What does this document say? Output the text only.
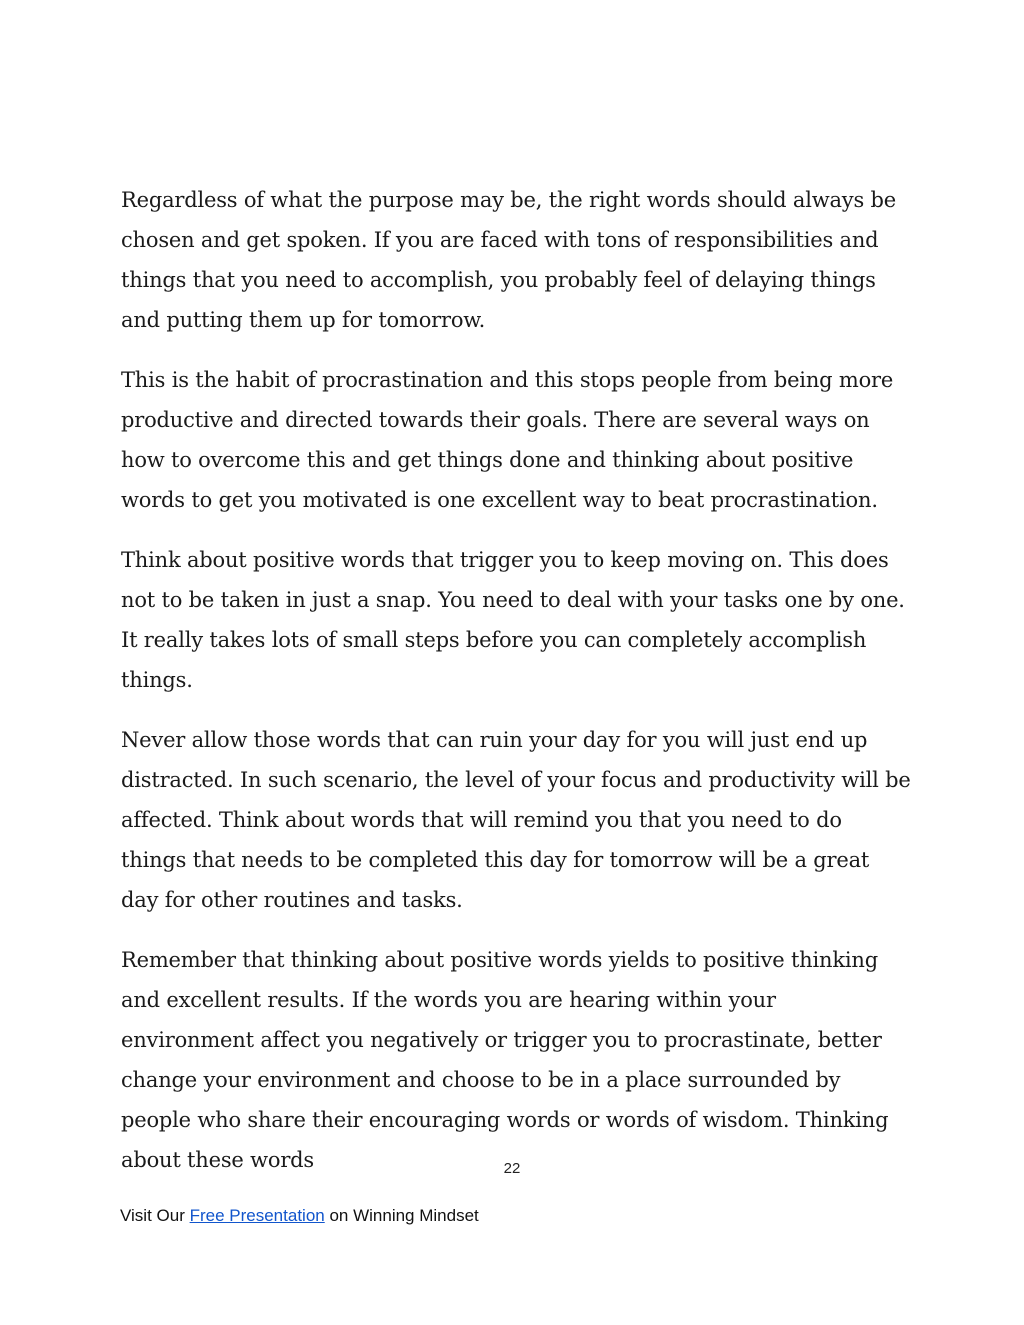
Regardless of what the purpose may be, the right words should always be chosen and get spoken. If you are faced with tons of responsibilities and things that you need to accomplish, you probably feel of delaying things and putting them up for tomorrow.

This is the habit of procrastination and this stops people from being more productive and directed towards their goals. There are several ways on how to overcome this and get things done and thinking about positive words to get you motivated is one excellent way to beat procrastination.

Think about positive words that trigger you to keep moving on. This does not to be taken in just a snap. You need to deal with your tasks one by one. It really takes lots of small steps before you can completely accomplish things.

Never allow those words that can ruin your day for you will just end up distracted. In such scenario, the level of your focus and productivity will be affected. Think about words that will remind you that you need to do things that needs to be completed this day for tomorrow will be a great day for other routines and tasks.

Remember that thinking about positive words yields to positive thinking and excellent results. If the words you are hearing within your environment affect you negatively or trigger you to procrastinate, better change your environment and choose to be in a place surrounded by people who share their encouraging words or words of wisdom. Thinking about these words	22
Visit Our Free Presentation on Winning Mindset
